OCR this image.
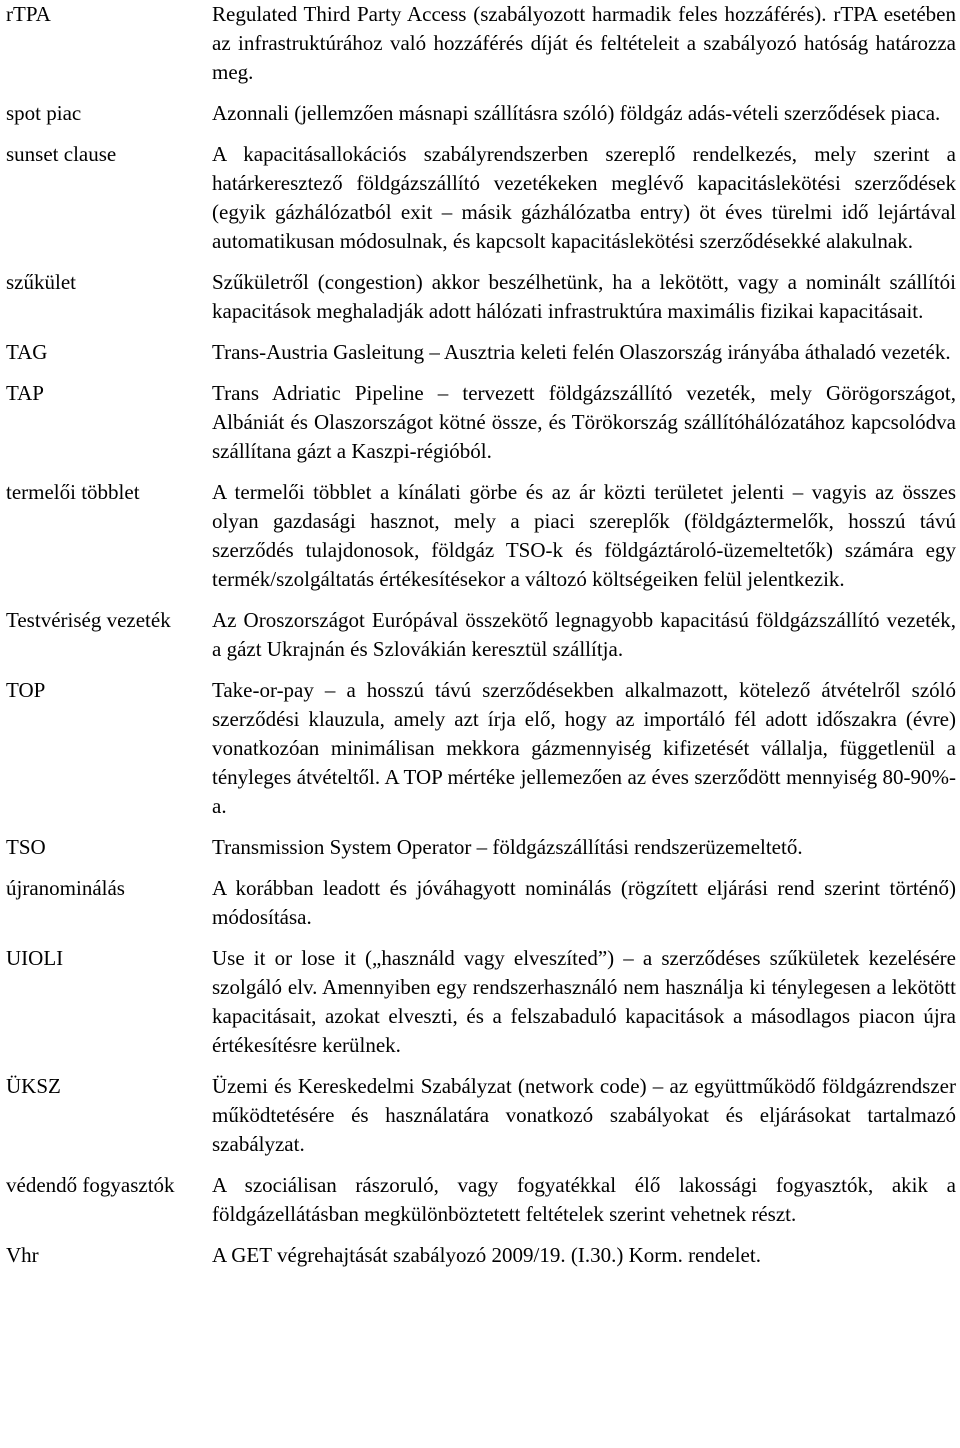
rTPA	Regulated Third Party Access (szabályozott harmadik feles hozzáférés). rTPA esetében az infrastruktúrához való hozzáférés díját és feltételeit a szabályozó hatóság határozza meg.
spot piac	Azonnali (jellemzően másnapi szállításra szóló) földgáz adás-vételi szerződések piaca.
sunset clause	A kapacitásallokációs szabályrendszerben szereplő rendelkezés, mely szerint a határkeresztező földgázszállító vezetékeken meglévő kapacitáslekötési szerződések (egyik gázhálózatból exit – másik gázhálózatba entry) öt éves türelmi idő lejártával automatikusan módosulnak, és kapcsolt kapacitáslekötési szerződésekké alakulnak.
szűkület	Szűkületről (congestion) akkor beszélhetünk, ha a lekötött, vagy a nominált szállítói kapacitások meghaladják adott hálózati infrastruktúra maximális fizikai kapacitásait.
TAG	Trans-Austria Gasleitung – Ausztria keleti felén Olaszország irányába áthaladó vezeték.
TAP	Trans Adriatic Pipeline – tervezett földgázszállító vezeték, mely Görögországot, Albániát és Olaszországot kötné össze, és Törökország szállítóhálózatához kapcsolódva szállítana gázt a Kaszpi-régióból.
termelői többlet	A termelői többlet a kínálati görbe és az ár közti területet jelenti – vagyis az összes olyan gazdasági hasznot, mely a piaci szereplők (földgáztermelők, hosszú távú szerződés tulajdonosok, földgáz TSO-k és földgáztároló-üzemeltetők) számára egy termék/szolgáltatás értékesítésekor a változó költségeiken felül jelentkezik.
Testvériség vezeték	Az Oroszországot Európával összekötő legnagyobb kapacitású földgázszállító vezeték, a gázt Ukrajnán és Szlovákián keresztül szállítja.
TOP	Take-or-pay – a hosszú távú szerződésekben alkalmazott, kötelező átvételről szóló szerződési klauzula, amely azt írja elő, hogy az importáló fél adott időszakra (évre) vonatkozóan minimálisan mekkora gázmennyiség kifizetését vállalja, függetlenül a tényleges átvételtől. A TOP mértéke jellemezően az éves szerződött mennyiség 80-90%-a.
TSO	Transmission System Operator – földgázszállítási rendszerüzemeltető.
újranominálás	A korábban leadott és jóváhagyott nominálás (rögzített eljárási rend szerint történő) módosítása.
UIOLI	Use it or lose it („használd vagy elveszíted”) – a szerződéses szűkületek kezelésére szolgáló elv. Amennyiben egy rendszerhasználó nem használja ki ténylegesen a lekötött kapacitásait, azokat elveszti, és a felszabaduló kapacitások a másodlagos piacon újra értékesítésre kerülnek.
ÜKSZ	Üzemi és Kereskedelmi Szabályzat (network code) – az együttműködő földgázrendszer működtetésére és használatára vonatkozó szabályokat és eljárásokat tartalmazó szabályzat.
védendő fogyasztók	A szociálisan rászoruló, vagy fogyatékkal élő lakossági fogyasztók, akik a földgázellátásban megkülönböztetett feltételek szerint vehetnek részt.
Vhr	A GET végrehajtását szabályozó 2009/19. (I.30.) Korm. rendelet.
